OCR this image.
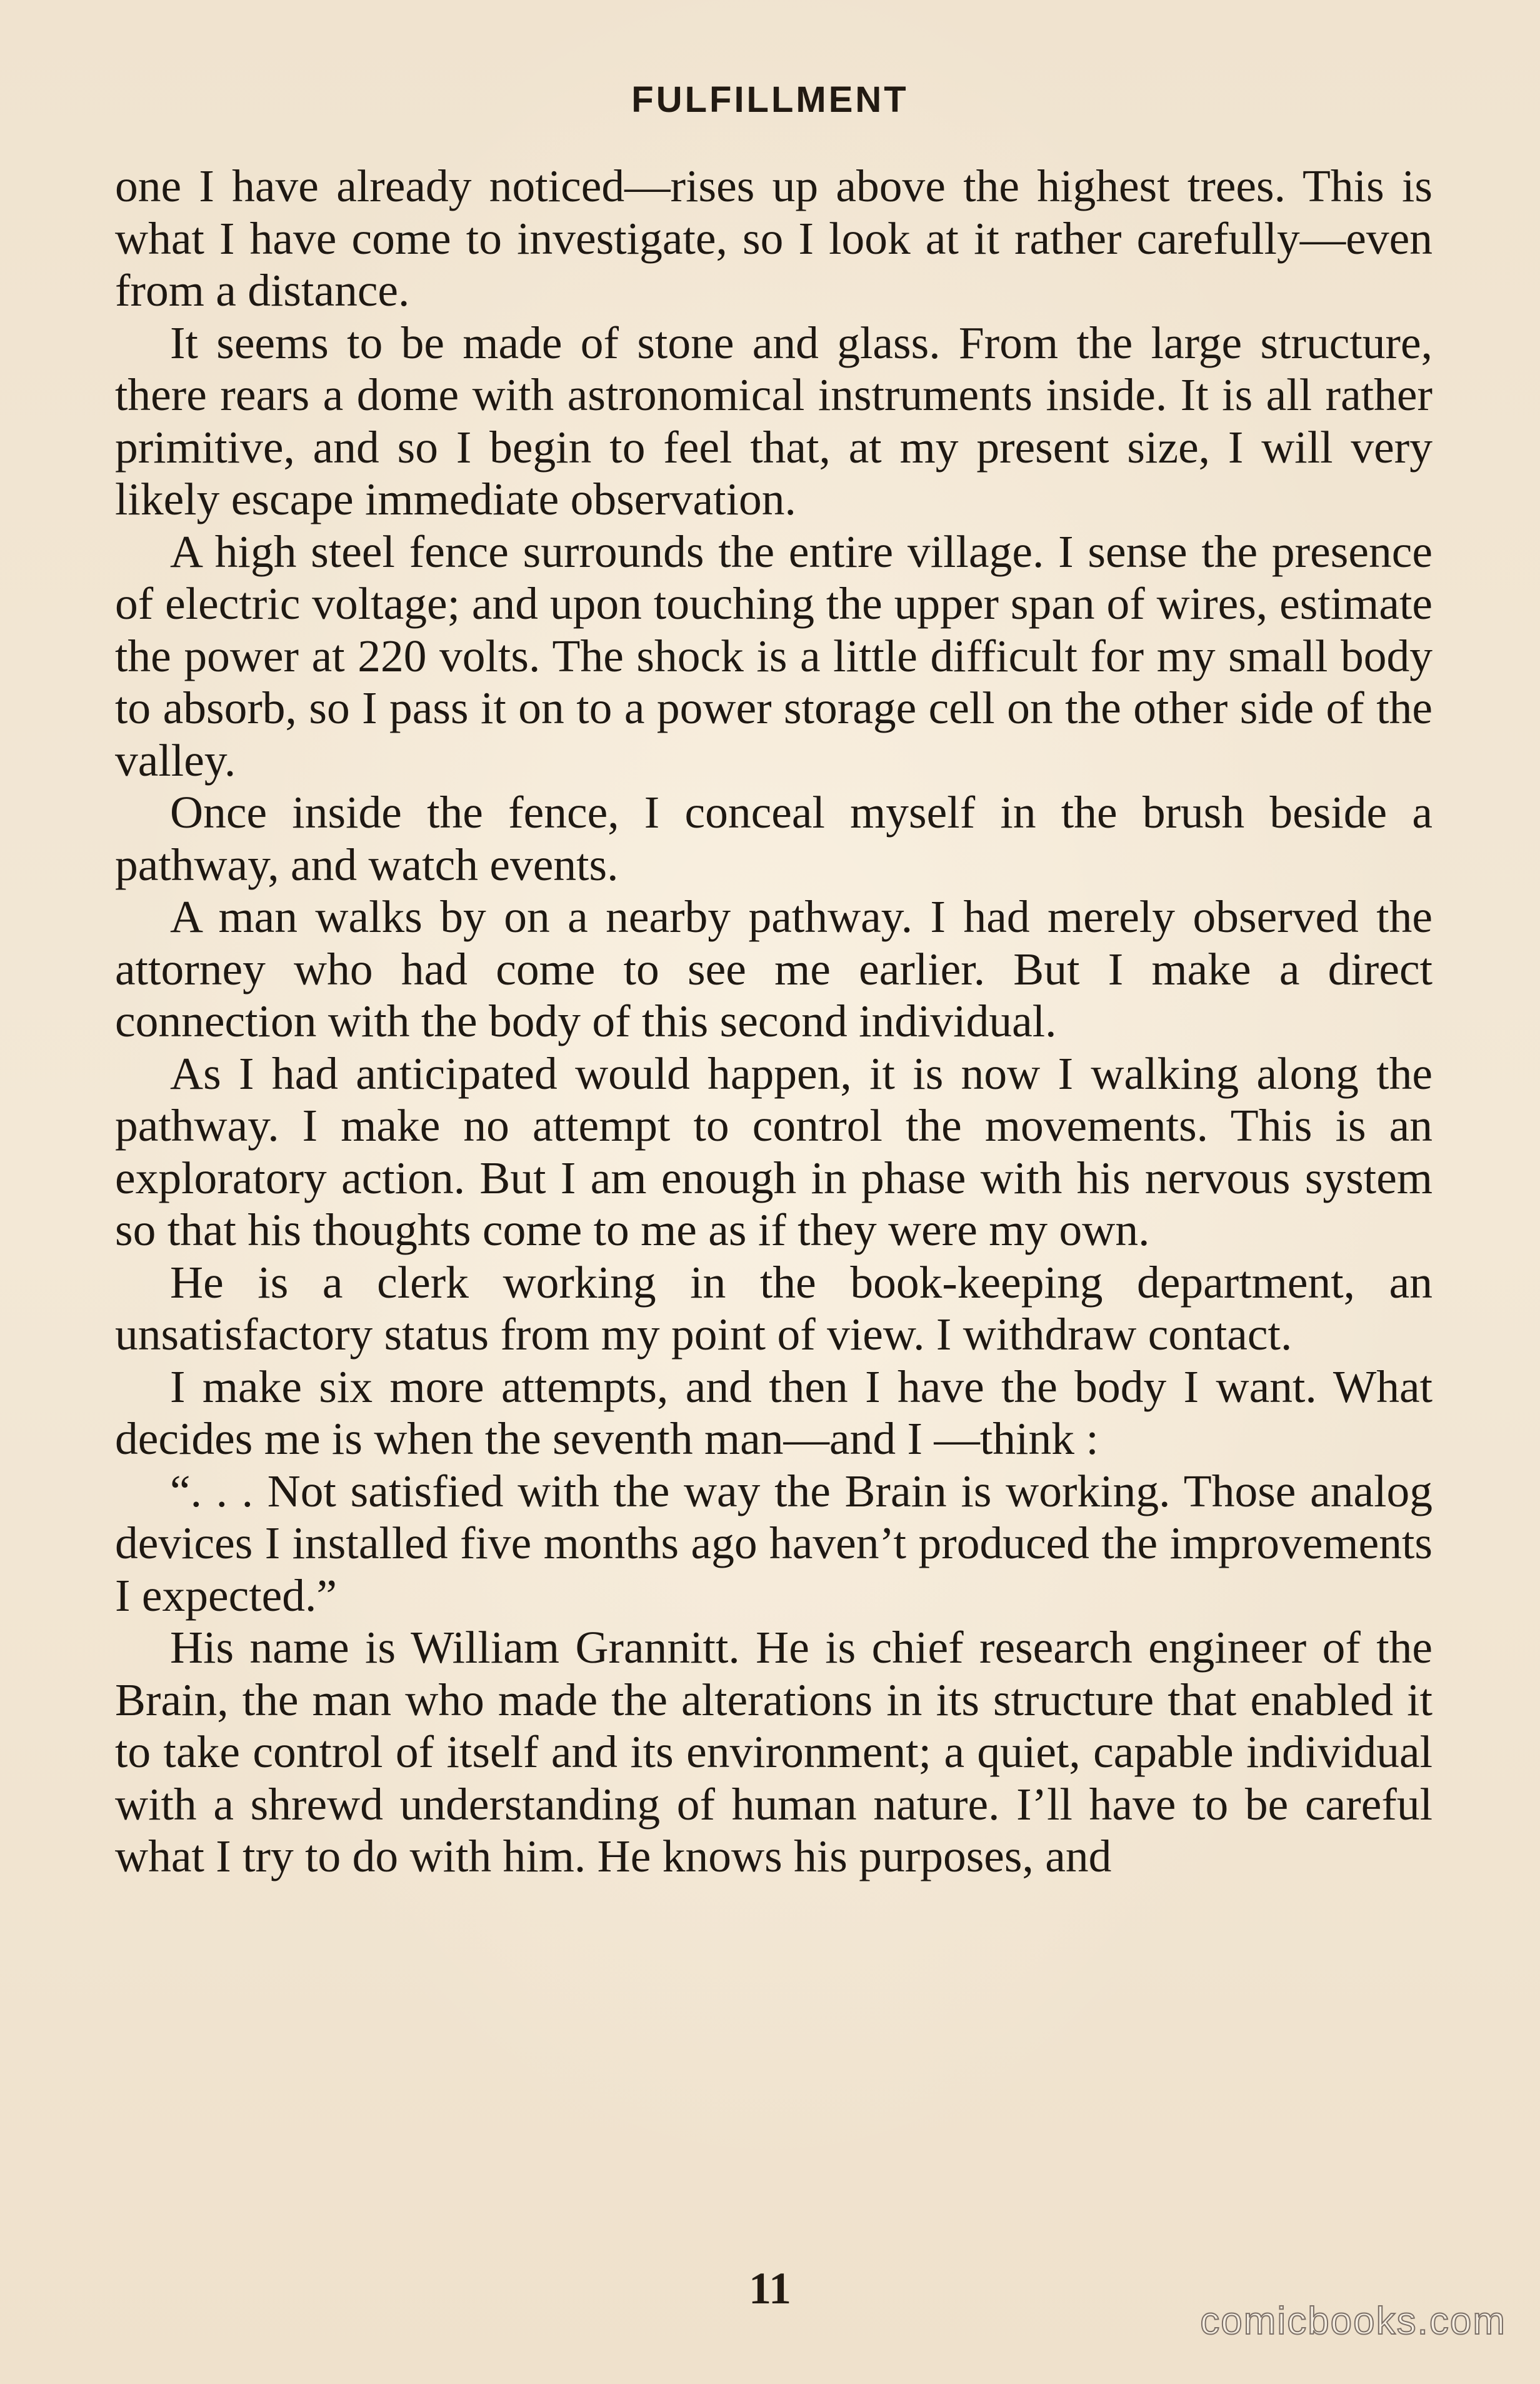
FULFILLMENT

one I have already noticed—rises up above the highest trees. This is what I have come to investigate, so I look at it rather carefully—even from a distance.

It seems to be made of stone and glass. From the large structure, there rears a dome with astronomical instruments inside. It is all rather primitive, and so I begin to feel that, at my present size, I will very likely escape immediate observation.

A high steel fence surrounds the entire village. I sense the presence of electric voltage; and upon touching the upper span of wires, estimate the power at 220 volts. The shock is a little difficult for my small body to absorb, so I pass it on to a power storage cell on the other side of the valley.

Once inside the fence, I conceal myself in the brush beside a pathway, and watch events.

A man walks by on a nearby pathway. I had merely observed the attorney who had come to see me earlier. But I make a direct connection with the body of this second individual.

As I had anticipated would happen, it is now I walking along the pathway. I make no attempt to control the movements. This is an exploratory action. But I am enough in phase with his nervous system so that his thoughts come to me as if they were my own.

He is a clerk working in the book-keeping department, an unsatisfactory status from my point of view. I withdraw contact.

I make six more attempts, and then I have the body I want. What decides me is when the seventh man—and I —think :

“. . . Not satisfied with the way the Brain is working. Those analog devices I installed five months ago haven’t produced the improvements I expected.”

His name is William Grannitt. He is chief research engineer of the Brain, the man who made the alterations in its structure that enabled it to take control of itself and its environment; a quiet, capable individual with a shrewd understanding of human nature. I’ll have to be careful what I try to do with him. He knows his purposes, and

11
comicbooks.com
